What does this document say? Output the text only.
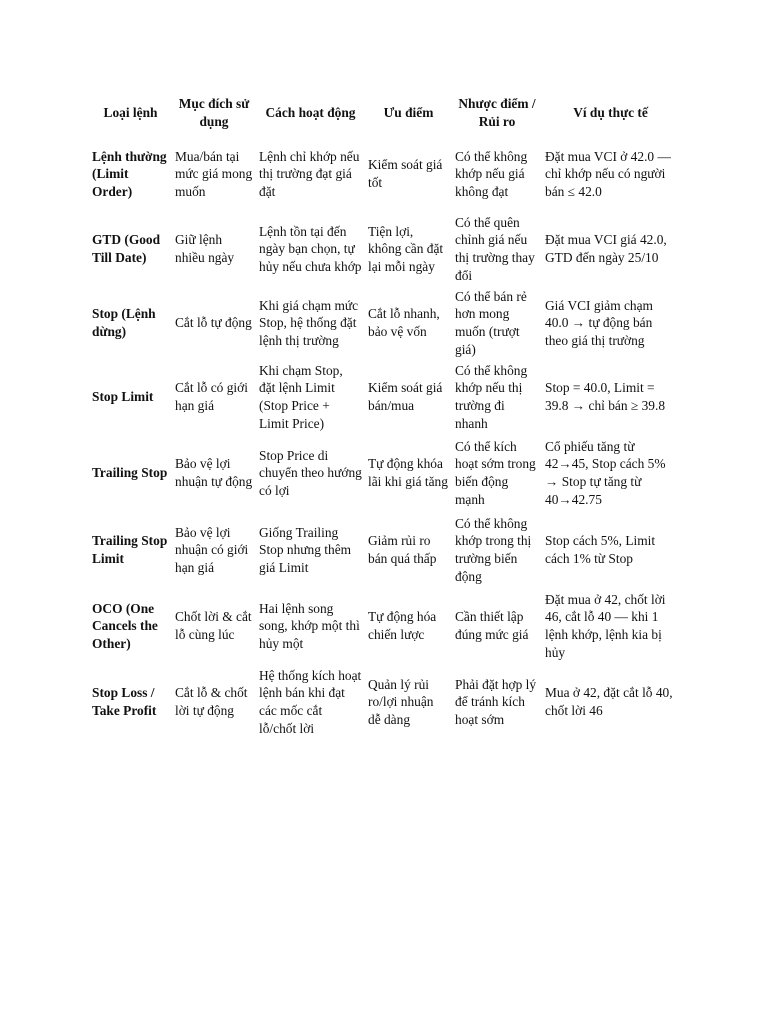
Loại lệnh	Mục đích sử dụng	Cách hoạt động	Ưu điểm	Nhược điểm / Rủi ro	Ví dụ thực tế
Lệnh thường (Limit Order)	Mua/bán tại mức giá mong muốn	Lệnh chỉ khớp nếu thị trường đạt giá đặt	Kiểm soát giá tốt	Có thể không khớp nếu giá không đạt	Đặt mua VCI ở 42.0 — chỉ khớp nếu có người bán ≤ 42.0
GTD (Good Till Date)	Giữ lệnh nhiều ngày	Lệnh tồn tại đến ngày bạn chọn, tự hủy nếu chưa khớp	Tiện lợi, không cần đặt lại mỗi ngày	Có thể quên chỉnh giá nếu thị trường thay đổi	Đặt mua VCI giá 42.0, GTD đến ngày 25/10
Stop (Lệnh dừng)	Cắt lỗ tự động	Khi giá chạm mức Stop, hệ thống đặt lệnh thị trường	Cắt lỗ nhanh, bảo vệ vốn	Có thể bán rẻ hơn mong muốn (trượt giá)	Giá VCI giảm chạm 40.0 → tự động bán theo giá thị trường
Stop Limit	Cắt lỗ có giới hạn giá	Khi chạm Stop, đặt lệnh Limit (Stop Price + Limit Price)	Kiểm soát giá bán/mua	Có thể không khớp nếu thị trường đi nhanh	Stop = 40.0, Limit = 39.8 → chỉ bán ≥ 39.8
Trailing Stop	Bảo vệ lợi nhuận tự động	Stop Price di chuyển theo hướng có lợi	Tự động khóa lãi khi giá tăng	Có thể kích hoạt sớm trong biến động mạnh	Cổ phiếu tăng từ 42→45, Stop cách 5% → Stop tự tăng từ 40→42.75
Trailing Stop Limit	Bảo vệ lợi nhuận có giới hạn giá	Giống Trailing Stop nhưng thêm giá Limit	Giảm rủi ro bán quá thấp	Có thể không khớp trong thị trường biến động	Stop cách 5%, Limit cách 1% từ Stop
OCO (One Cancels the Other)	Chốt lời & cắt lỗ cùng lúc	Hai lệnh song song, khớp một thì hủy một	Tự động hóa chiến lược	Cần thiết lập đúng mức giá	Đặt mua ở 42, chốt lời 46, cắt lỗ 40 — khi 1 lệnh khớp, lệnh kia bị hủy
Stop Loss / Take Profit	Cắt lỗ & chốt lời tự động	Hệ thống kích hoạt lệnh bán khi đạt các mốc cắt lỗ/chốt lời	Quản lý rủi ro/lợi nhuận dễ dàng	Phải đặt hợp lý để tránh kích hoạt sớm	Mua ở 42, đặt cắt lỗ 40, chốt lời 46
